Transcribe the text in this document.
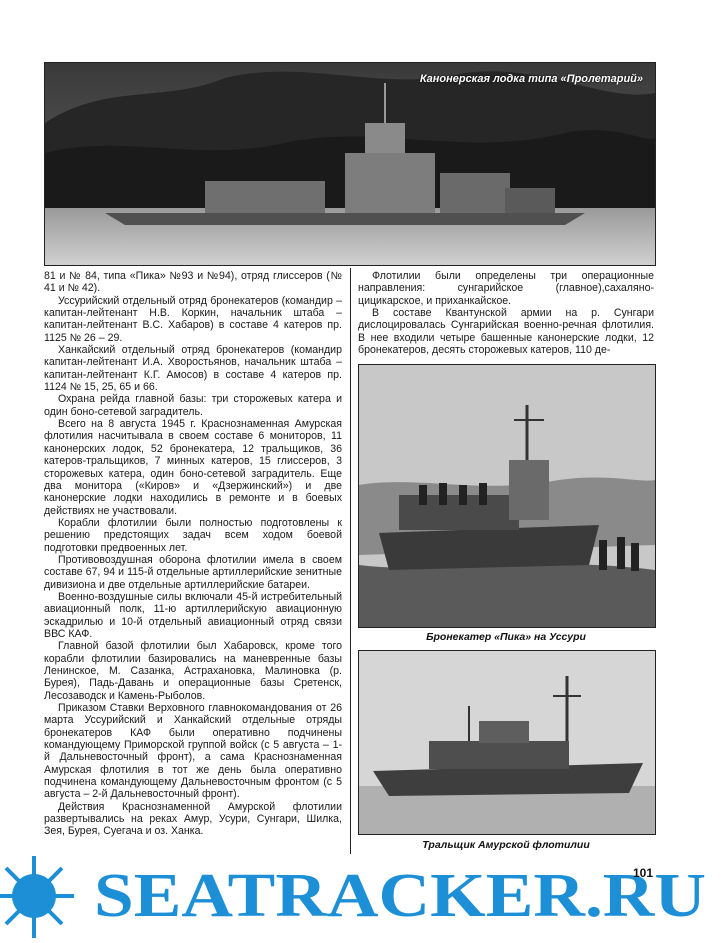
Канонерская лодка типа «Пролетарий»

81 и № 84, типа «Пика» №93 и №94), отряд глиссеров (№ 41 и № 42).

Уссурийский отдельный отряд бронекатеров (командир – капитан-лейтенант Н.В. Коркин, начальник штаба – капитан-лейтенант В.С. Хабаров) в составе 4 катеров пр. 1125 № 26 – 29.

Ханкайский отдельный отряд бронекатеров (командир капитан-лейтенант И.А. Хворостьянов, начальник штаба – капитан-лейтенант К.Г. Амосов) в составе 4 катеров пр. 1124 № 15, 25, 65 и 66.

Охрана рейда главной базы: три сторожевых катера и один боно-сетевой заградитель.

Всего на 8 августа 1945 г. Краснознаменная Амурская флотилия насчитывала в своем составе 6 мониторов, 11 канонерских лодок, 52 бронекатера, 12 тральщиков, 36 катеров-тральщиков, 7 минных катеров, 15 глиссеров, 3 сторожевых катера, один боно-сетевой заградитель. Еще два монитора («Киров» и «Дзержинский») и две канонерские лодки находились в ремонте и в боевых действиях не участвовали.

Корабли флотилии были полностью подготовлены к решению предстоящих задач всем ходом боевой подготовки предвоенных лет.

Противовоздушная оборона флотилии имела в своем составе 67, 94 и 115-й отдельные артиллерийские зенитные дивизиона и две отдельные артиллерийские батареи.

Военно-воздушные силы включали 45-й истребительный авиационный полк, 11-ю артиллерийскую авиационную эскадрилью и 10-й отдельный авиационный отряд связи ВВС КАФ.

Главной базой флотилии был Хабаровск, кроме того корабли флотилии базировались на маневренные базы Ленинское, М. Сазанка, Астрахановка, Малиновка (р. Бурея), Падь-Давань и операционные базы Сретенск, Лесозаводск и Камень-Рыболов.

Приказом Ставки Верховного главнокомандования от 26 марта Уссурийский и Ханкайский отдельные отряды бронекатеров КАФ были оперативно подчинены командующему Приморской группой войск (с 5 августа – 1-й Дальневосточный фронт), а сама Краснознаменная Амурская флотилия в тот же день была оперативно подчинена командующему Дальневосточным фронтом (с 5 августа – 2-й Дальневосточный фронт).

Действия Краснознаменной Амурской флотилии развертывались на реках Амур, Усури, Сунгари, Шилка, Зея, Бурея, Суегача и оз. Ханка.

Флотилии были определены три операционные направления: сунгарийское (главное),сахаляно-цицикарское, и приханкайское.

В составе Квантунской армии на р. Сунгари дислоцировалась Сунгарийская военно-речная флотилия. В нее входили четыре башенные канонерские лодки, 12 бронекатеров, десять сторожевых катеров, 110 де-

Бронекатер «Пика» на Уссури
Тральщик Амурской флотилии
SEATRACKER.RU
101
